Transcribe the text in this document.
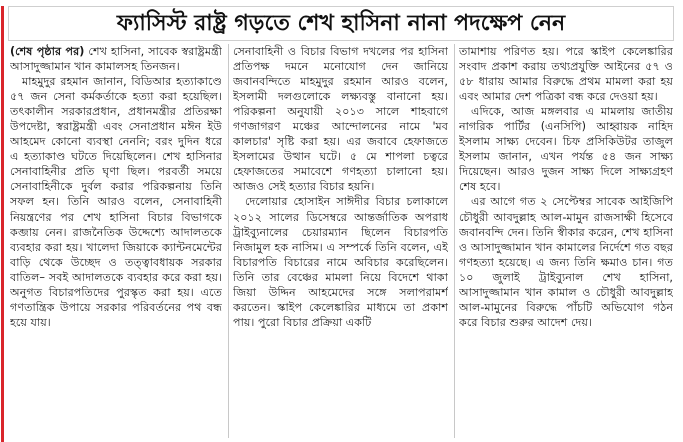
ফ্যাসিস্ট রাষ্ট্র গড়তে শেখ হাসিনা নানা পদক্ষেপ নেন

(শেষ পৃষ্ঠার পর) শেখ হাসিনা, সাবেক স্বরাষ্ট্রমন্ত্রী আসাদুজ্জামান খান কামালসহ তিনজন।

মাহমুদুর রহমান জানান, বিডিআর হত্যাকাণ্ডে ৫৭ জন সেনা কর্মকর্তাকে হত্যা করা হয়েছিল। তৎকালীন সরকারপ্রধান, প্রধানমন্ত্রীর প্রতিরক্ষা উপদেষ্টা, স্বরাষ্ট্রমন্ত্রী এবং সেনাপ্রধান মঈন ইউ আহমেদ কোনো ব্যবস্থা নেননি; বরং দুদিন ধরে এ হত্যাকাণ্ড ঘটতে দিয়েছিলেন। শেখ হাসিনার সেনাবাহিনীর প্রতি ঘৃণা ছিল। পরবর্তী সময়ে সেনাবাহিনীকে দুর্বল করার পরিকল্পনায় তিনি সফল হন। তিনি আরও বলেন, সেনাবাহিনী নিয়ন্ত্রণের পর শেখ হাসিনা বিচার বিভাগকে কব্জায় নেন। রাজনৈতিক উদ্দেশ্যে আদালতকে ব্যবহার করা হয়। খালেদা জিয়াকে ক্যান্টনমেন্টের বাড়ি থেকে উচ্ছেদ ও তত্ত্বাবধায়ক সরকার বাতিল– সবই আদালতকে ব্যবহার করে করা হয়। অনুগত বিচারপতিদের পুরস্কৃত করা হয়। এতে গণতান্ত্রিক উপায়ে সরকার পরিবর্তনের পথ বন্ধ হয়ে যায়।

সেনাবাহিনী ও বিচার বিভাগ দখলের পর হাসিনা প্রতিপক্ষ দমনে মনোযোগ দেন জানিয়ে জবানবন্দিতে মাহমুদুর রহমান আরও বলেন, ইসলামী দলগুলোকে লক্ষ্যবস্তু বানানো হয়। পরিকল্পনা অনুযায়ী ২০১৩ সালে শাহবাগে গণজাগরণ মঞ্চের আন্দোলনের নামে 'মব কালচার' সৃষ্টি করা হয়। এর জবাবে হেফাজতে ইসলামের উত্থান ঘটে। ৫ মে শাপলা চত্বরে হেফাজতের সমাবেশে গণহত্যা চালানো হয়। আজও সেই হত্যার বিচার হয়নি।

দেলোয়ার হোসাইন সাঈদীর বিচার চলাকালে ২০১২ সালের ডিসেম্বরে আন্তর্জাতিক অপরাধ ট্রাইব্যুনালের চেয়ারম্যান ছিলেন বিচারপতি নিজামুল হক নাসিম। এ সম্পর্কে তিনি বলেন, এই বিচারপতি বিচারের নামে অবিচার করেছিলেন। তিনি তার বেঞ্চের মামলা নিয়ে বিদেশে থাকা জিয়া উদ্দিন আহমেদের সঙ্গে সলাপরামর্শ করতেন। স্কাইপ কেলেঙ্কারির মাধ্যমে তা প্রকাশ পায়। পুরো বিচার প্রক্রিয়া একটি

তামাশায় পরিণত হয়। পরে স্কাইপ কেলেঙ্কারির সংবাদ প্রকাশ করায় তথ্যপ্রযুক্তি আইনের ৫৭ ও ৫৮ ধারায় আমার বিরুদ্ধে প্রথম মামলা করা হয় এবং আমার দেশ পত্রিকা বন্ধ করে দেওয়া হয়।

এদিকে, আজ মঙ্গলবার এ মামলায় জাতীয় নাগরিক পার্টির (এনসিপি) আহ্বায়ক নাহিদ ইসলাম সাক্ষ্য দেবেন। চিফ প্রসিকিউটর তাজুল ইসলাম জানান, এখন পর্যন্ত ৫৪ জন সাক্ষ্য দিয়েছেন। আরও দুজন সাক্ষ্য দিলে সাক্ষ্যগ্রহণ শেষ হবে।

এর আগে গত ২ সেপ্টেম্বর সাবেক আইজিপি চৌধুরী আবদুল্লাহ আল-মামুন রাজসাক্ষী হিসেবে জবানবন্দি দেন। তিনি স্বীকার করেন, শেখ হাসিনা ও আসাদুজ্জামান খান কামালের নির্দেশে গত বছর গণহত্যা হয়েছে। এ জন্য তিনি ক্ষমাও চান। গত ১০ জুলাই ট্রাইব্যুনাল শেখ হাসিনা, আসাদুজ্জামান খান কামাল ও চৌধুরী আবদুল্লাহ আল-মামুনের বিরুদ্ধে পাঁচটি অভিযোগ গঠন করে বিচার শুরুর আদেশ দেয়।
